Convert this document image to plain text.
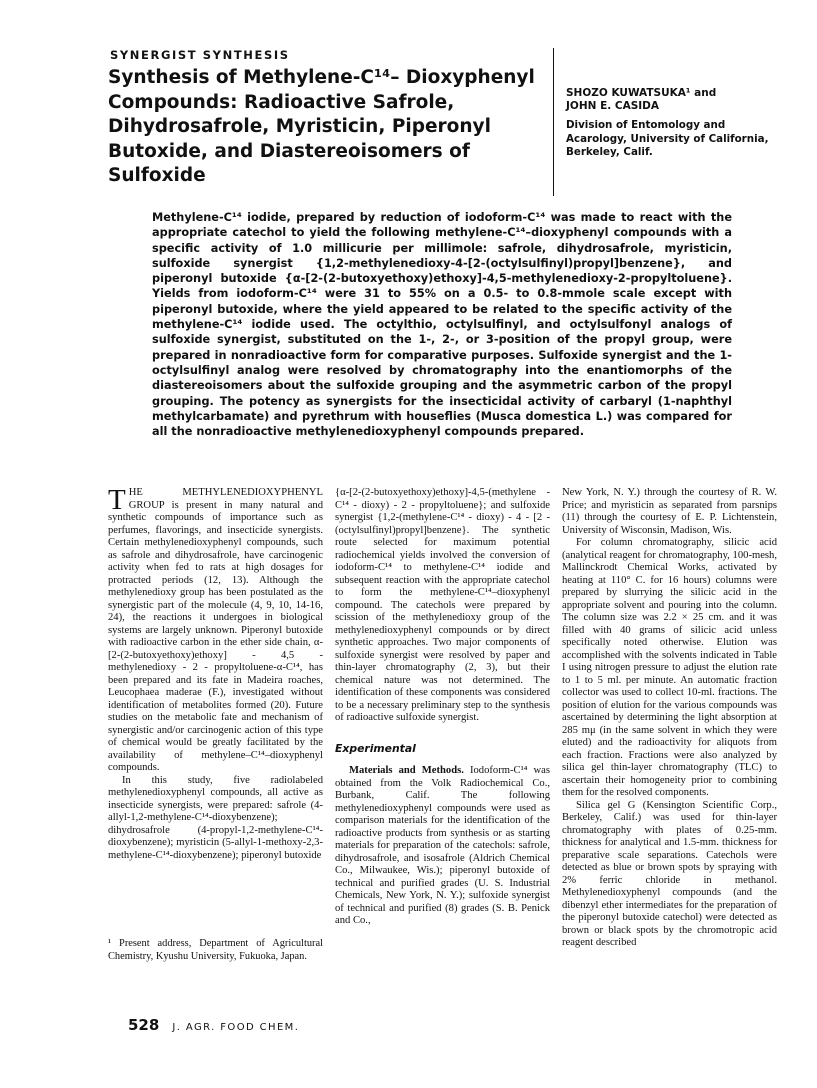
SYNERGIST SYNTHESIS
Synthesis of Methylene-C¹⁴– Dioxyphenyl Compounds: Radioactive Safrole, Dihydrosafrole, Myristicin, Piperonyl Butoxide, and Diastereoisomers of Sulfoxide
SHOZO KUWATSUKA¹ and
JOHN E. CASIDA
Division of Entomology and
Acarology, University of California,
Berkeley, Calif.

Methylene-C¹⁴ iodide, prepared by reduction of iodoform-C¹⁴ was made to react with the appropriate catechol to yield the following methylene-C¹⁴–dioxyphenyl compounds with a specific activity of 1.0 millicurie per millimole: safrole, dihydrosafrole, myristicin, sulfoxide synergist {1,2-methylenedioxy-4-[2-(octylsulfinyl)propyl]benzene}, and piperonyl butoxide {α-[2-(2-butoxyethoxy)ethoxy]-4,5-methylenedioxy-2-propyltoluene}. Yields from iodoform-C¹⁴ were 31 to 55% on a 0.5- to 0.8-mmole scale except with piperonyl butoxide, where the yield appeared to be related to the specific activity of the methylene-C¹⁴ iodide used. The octylthio, octylsulfinyl, and octylsulfonyl analogs of sulfoxide synergist, substituted on the 1-, 2-, or 3-position of the propyl group, were prepared in nonradioactive form for comparative purposes. Sulfoxide synergist and the 1-octylsulfinyl analog were resolved by chromatography into the enantiomorphs of the diastereoisomers about the sulfoxide grouping and the asymmetric carbon of the propyl grouping. The potency as synergists for the insecticidal activity of carbaryl (1-naphthyl methylcarbamate) and pyrethrum with houseflies (Musca domestica L.) was compared for all the nonradioactive methylenedioxyphenyl compounds prepared.

THE METHYLENEDIOXYPHENYL GROUP is present in many natural and synthetic compounds of importance such as perfumes, flavorings, and insecticide synergists. Certain methylenedioxyphenyl compounds, such as safrole and dihydrosafrole, have carcinogenic activity when fed to rats at high dosages for protracted periods (12, 13). Although the methylenedioxy group has been postulated as the synergistic part of the molecule (4, 9, 10, 14-16, 24), the reactions it undergoes in biological systems are largely unknown. Piperonyl butoxide with radioactive carbon in the ether side chain, α-[2-(2-butoxyethoxy)ethoxy] - 4,5 - methylenedioxy - 2 - propyltoluene-α-C¹⁴, has been prepared and its fate in Madeira roaches, Leucophaea maderae (F.), investigated without identification of metabolites formed (20). Future studies on the metabolic fate and mechanism of synergistic and/or carcinogenic action of this type of chemical would be greatly facilitated by the availability of methylene–C¹⁴–dioxyphenyl compounds.

In this study, five radiolabeled methylenedioxyphenyl compounds, all active as insecticide synergists, were prepared: safrole (4-allyl-1,2-methylene-C¹⁴-dioxybenzene); dihydrosafrole (4-propyl-1,2-methylene-C¹⁴-dioxybenzene); myristicin (5-allyl-1-methoxy-2,3-methylene-C¹⁴-dioxybenzene); piperonyl butoxide

¹ Present address, Department of Agricultural Chemistry, Kyushu University, Fukuoka, Japan.

{α-[2-(2-butoxyethoxy)ethoxy]-4,5-(methylene - C¹⁴ - dioxy) - 2 - propyltoluene}; and sulfoxide synergist {1,2-(methylene-C¹⁴ - dioxy) - 4 - [2 - (octylsulfinyl)propyl]benzene}. The synthetic route selected for maximum potential radiochemical yields involved the conversion of iodoform-C¹⁴ to methylene-C¹⁴ iodide and subsequent reaction with the appropriate catechol to form the methylene-C¹⁴–dioxyphenyl compound. The catechols were prepared by scission of the methylenedioxy group of the methylenedioxyphenyl compounds or by direct synthetic approaches. Two major components of sulfoxide synergist were resolved by paper and thin-layer chromatography (2, 3), but their chemical nature was not determined. The identification of these components was considered to be a necessary preliminary step to the synthesis of radioactive sulfoxide synergist.

Experimental

Materials and Methods. Iodoform-C¹⁴ was obtained from the Volk Radiochemical Co., Burbank, Calif. The following methylenedioxyphenyl compounds were used as comparison materials for the identification of the radioactive products from synthesis or as starting materials for preparation of the catechols: safrole, dihydrosafrole, and isosafrole (Aldrich Chemical Co., Milwaukee, Wis.); piperonyl butoxide of technical and purified grades (U. S. Industrial Chemicals, New York, N. Y.); sulfoxide synergist of technical and purified (8) grades (S. B. Penick and Co.,

New York, N. Y.) through the courtesy of R. W. Price; and myristicin as separated from parsnips (11) through the courtesy of E. P. Lichtenstein, University of Wisconsin, Madison, Wis.

For column chromatography, silicic acid (analytical reagent for chromatography, 100-mesh, Mallinckrodt Chemical Works, activated by heating at 110° C. for 16 hours) columns were prepared by slurrying the silicic acid in the appropriate solvent and pouring into the column. The column size was 2.2 × 25 cm. and it was filled with 40 grams of silicic acid unless specifically noted otherwise. Elution was accomplished with the solvents indicated in Table I using nitrogen pressure to adjust the elution rate to 1 to 5 ml. per minute. An automatic fraction collector was used to collect 10-ml. fractions. The position of elution for the various compounds was ascertained by determining the light absorption at 285 mμ (in the same solvent in which they were eluted) and the radioactivity for aliquots from each fraction. Fractions were also analyzed by silica gel thin-layer chromatography (TLC) to ascertain their homogeneity prior to combining them for the resolved components.

Silica gel G (Kensington Scientific Corp., Berkeley, Calif.) was used for thin-layer chromatography with plates of 0.25-mm. thickness for analytical and 1.5-mm. thickness for preparative scale separations. Catechols were detected as blue or brown spots by spraying with 2% ferric chloride in methanol. Methylenedioxyphenyl compounds (and the dibenzyl ether intermediates for the preparation of the piperonyl butoxide catechol) were detected as brown or black spots by the chromotropic acid reagent described

528 J. AGR. FOOD CHEM.
